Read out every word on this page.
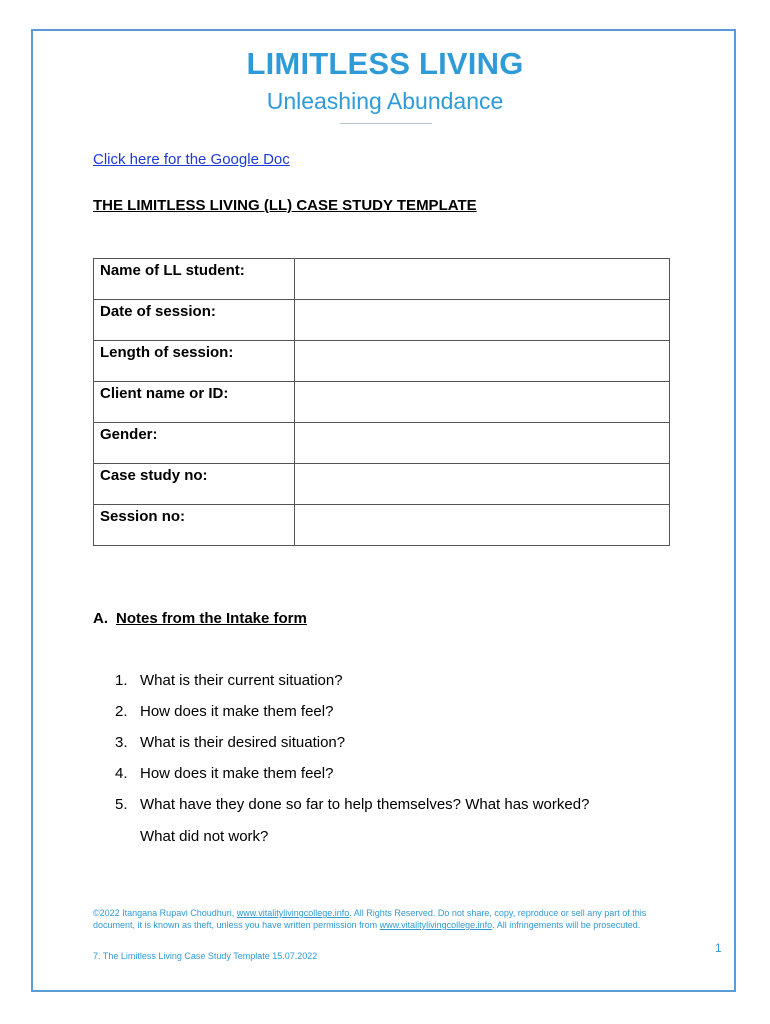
LIMITLESS LIVING
Unleashing Abundance
Click here for the Google Doc
THE LIMITLESS LIVING (LL) CASE STUDY TEMPLATE
Name of LL student:	
Date of session:	
Length of session:	
Client name or ID:	
Gender:	
Case study no:	
Session no:	
A. Notes from the Intake form
1. What is their current situation?
2. How does it make them feel?
3. What is their desired situation?
4. How does it make them feel?
5. What have they done so far to help themselves? What has worked?
What did not work?
©2022 Itangana Rupavi Choudhuri, www.vitalitylivingcollege.info. All Rights Reserved. Do not share, copy, reproduce or sell any part of this document, it is known as theft, unless you have written permission from www.vitalitylivingcollege.info. All infringements will be prosecuted.
7. The Limitless Living Case Study Template 15.07.2022
1
